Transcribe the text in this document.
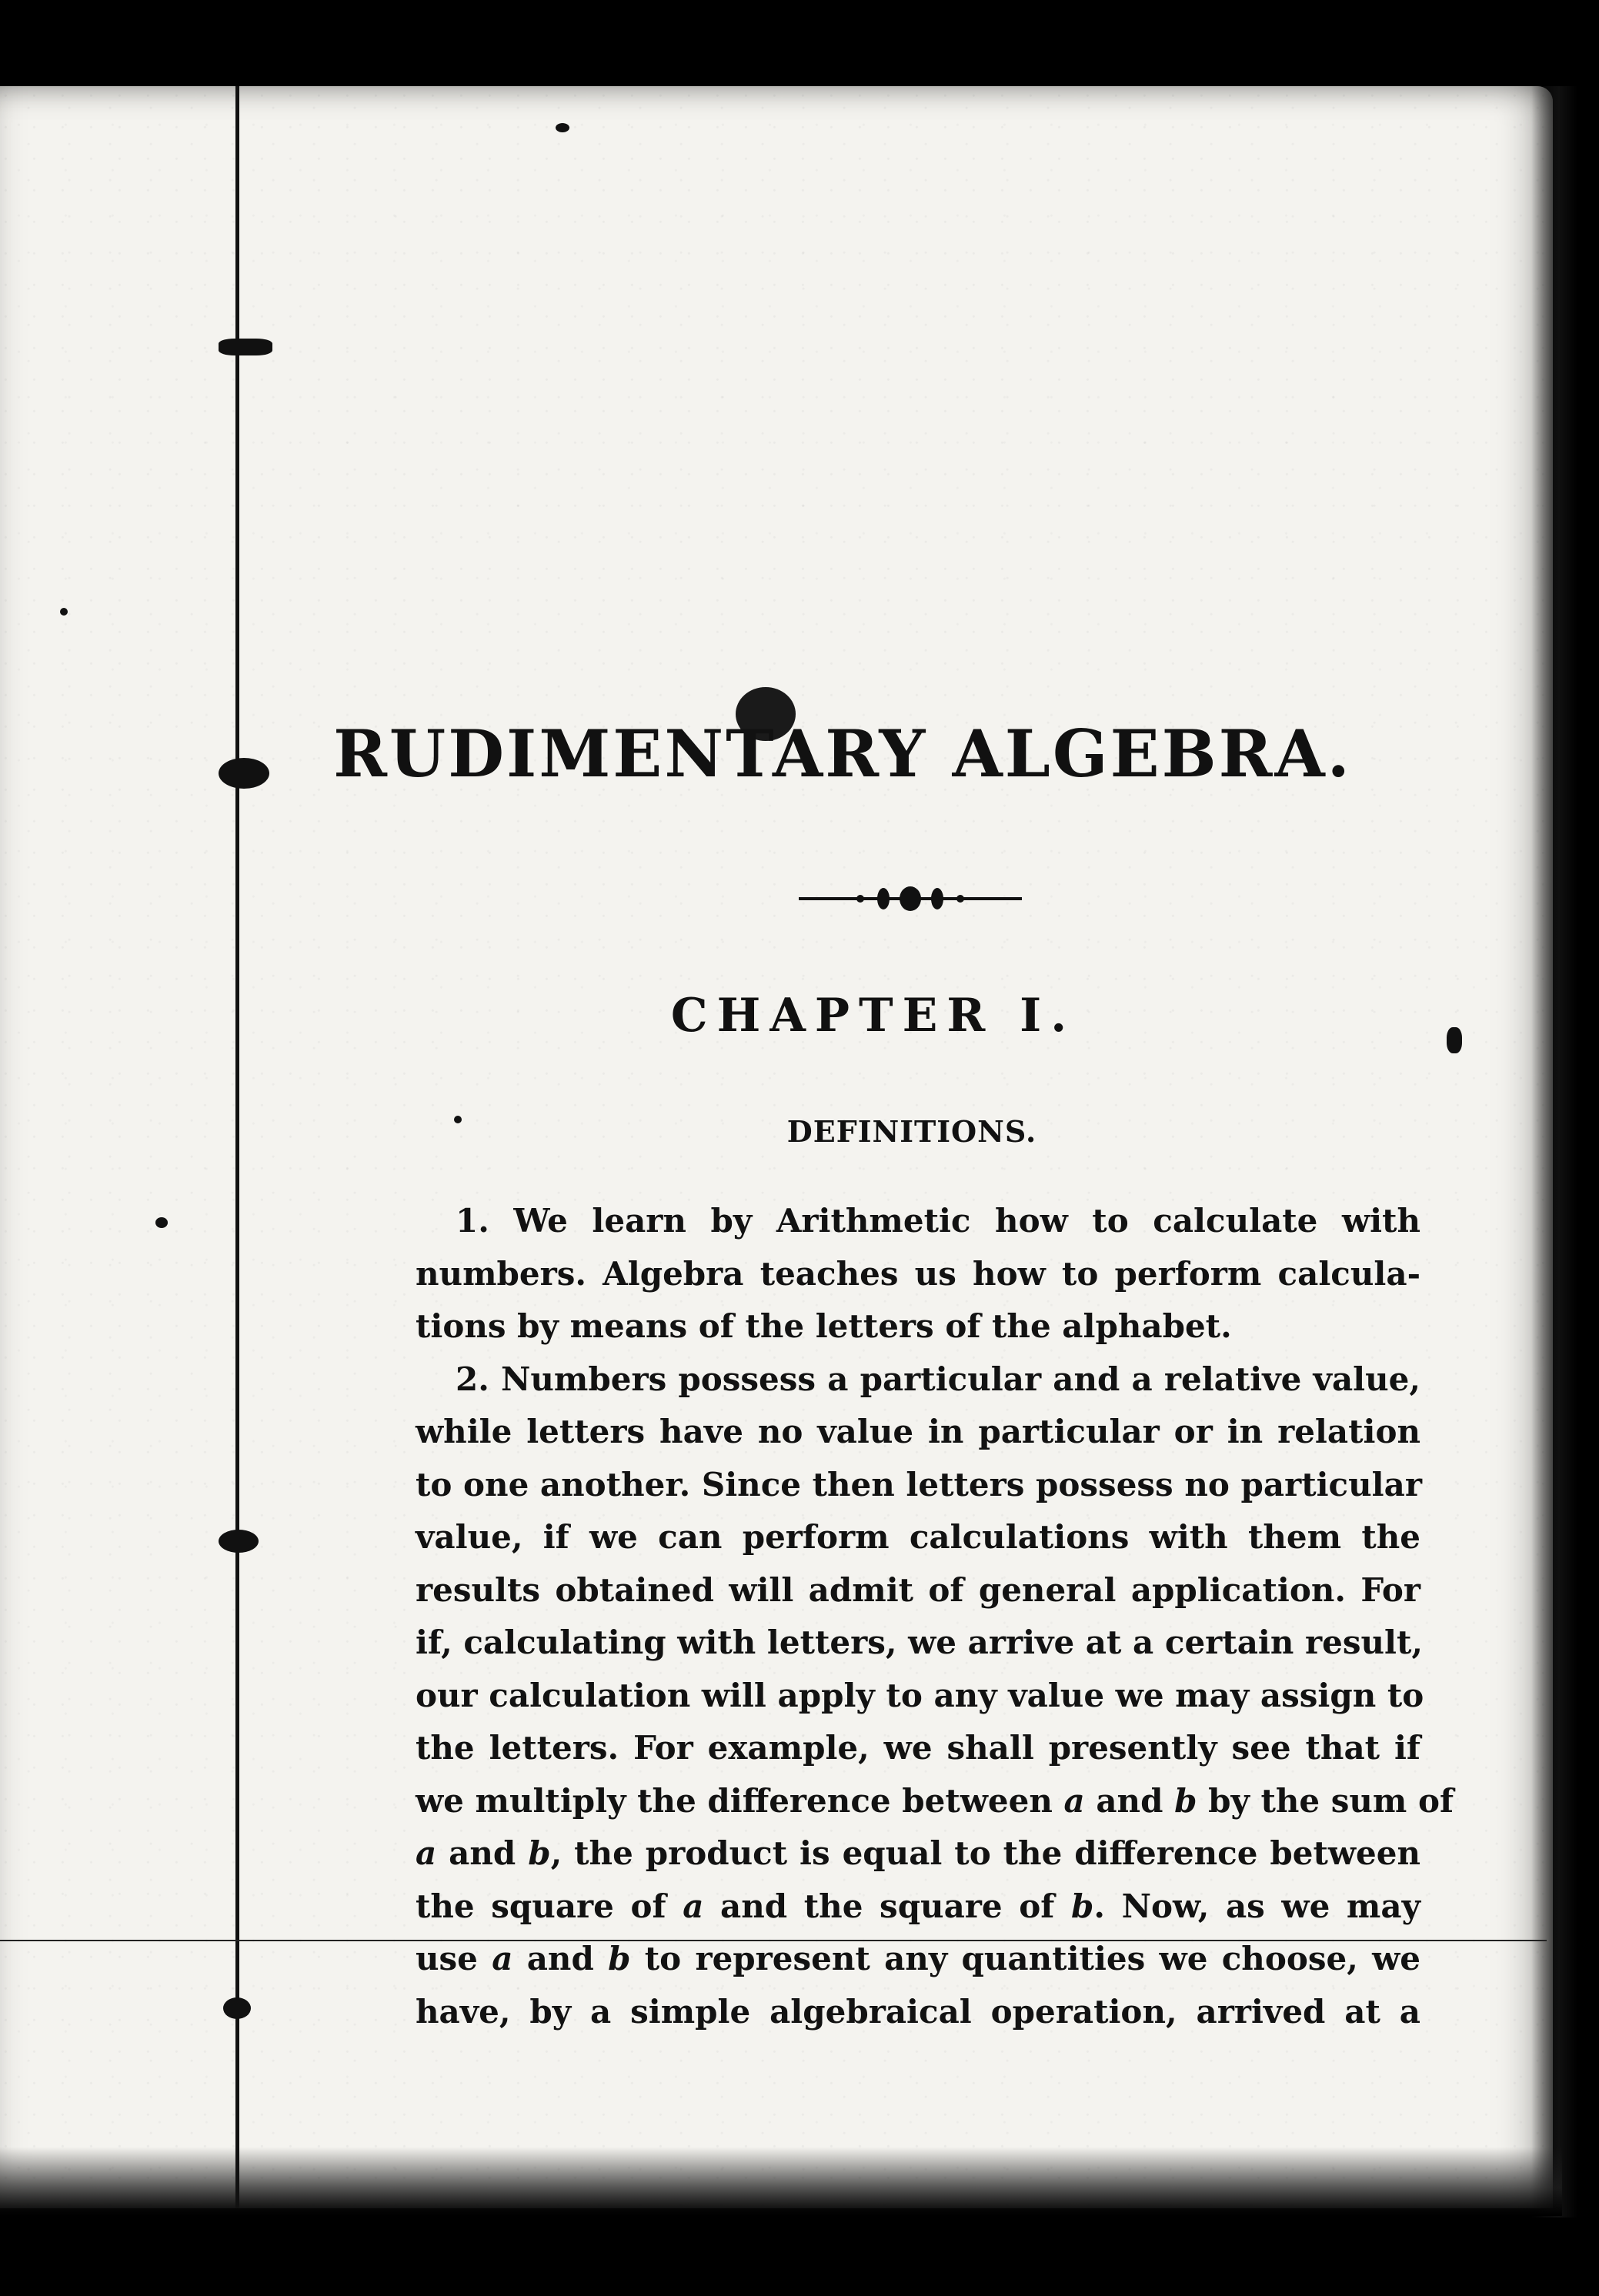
RUDIMENTARY ALGEBRA.
CHAPTER I.
DEFINITIONS.
1. We learn by Arithmetic how to calculate with
numbers. Algebra teaches us how to perform calcula-
tions by means of the letters of the alphabet.
2. Numbers possess a particular and a relative value,
while letters have no value in particular or in relation
to one another. Since then letters possess no particular
value, if we can perform calculations with them the
results obtained will admit of general application. For
if, calculating with letters, we arrive at a certain result,
our calculation will apply to any value we may assign to
the letters. For example, we shall presently see that if
we multiply the difference between a and b by the sum of
a and b, the product is equal to the difference between
the square of a and the square of b. Now, as we may
use a and b to represent any quantities we choose, we
have, by a simple algebraical operation, arrived at a
